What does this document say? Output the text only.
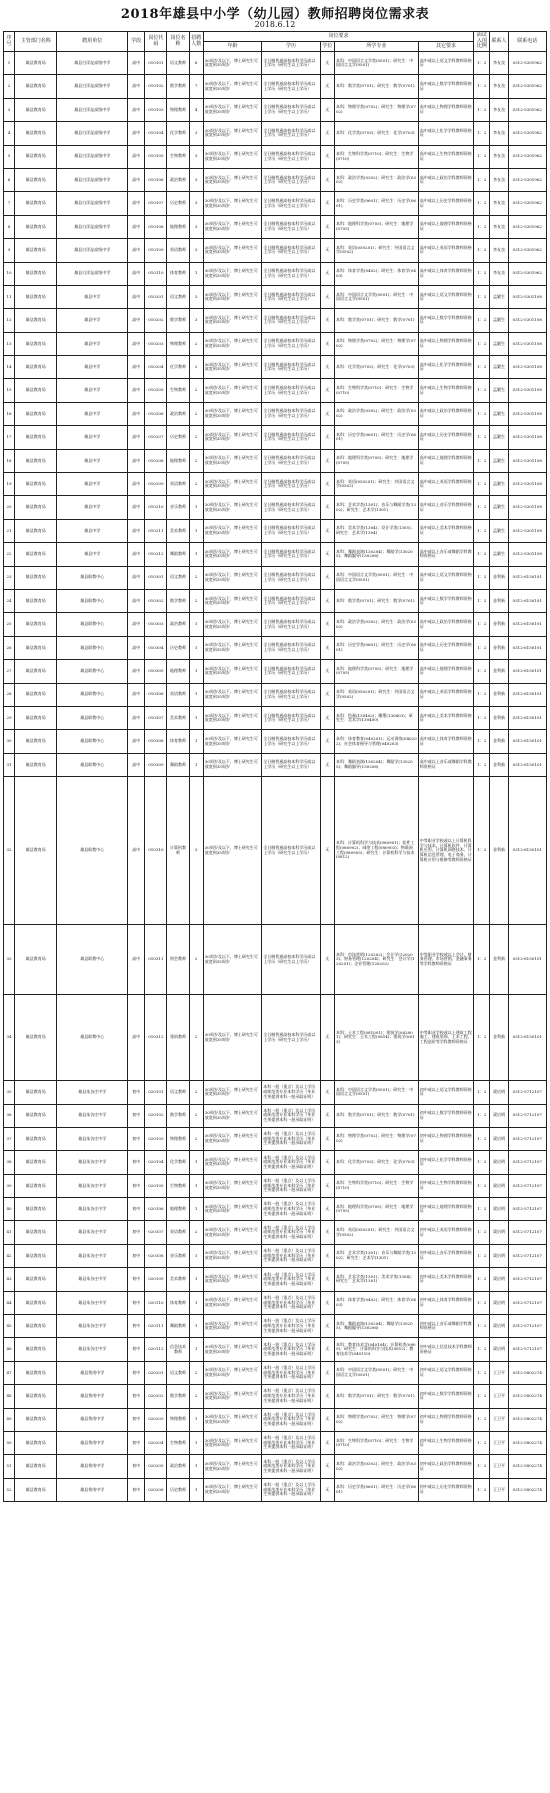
2018年雄县中小学（幼儿园）教师招聘岗位需求表
2018.6.12
序号	主管部门名称	聘用单位	学段	岗位代码	岗位名称	招聘人数	岗位要求					面试入围比例	联系人	联系电话
							年龄	学历	学位	所学专业	其它要求			
1	雄县教育局	雄县白洋淀高级中学	高中	010101	语文教师	6	30周岁及以下，博士研究生可放宽到35周岁	全日制普通高校本科学历或以上学历（研究生以上学历）	无	本科：中国语言文学类(0501)；研究生：中国语言文学(0501)	高中或以上语文学科教师资格证	1：2	李友良	0312-5301962
2	雄县教育局	雄县白洋淀高级中学	高中	010102	数学教师	7	30周岁及以下，博士研究生可放宽到35周岁	全日制普通高校本科学历或以上学历（研究生以上学历）	无	本科：数学类(0701)；研究生：数学(0701)	高中或以上数学学科教师资格证	1：2	李友良	0312-5301962
3	雄县教育局	雄县白洋淀高级中学	高中	010103	物理教师	4	30周岁及以下，博士研究生可放宽到35周岁	全日制普通高校本科学历或以上学历（研究生以上学历）	无	本科：物理学类(0702)；研究生：物理学(0702)	高中或以上物理学科教师资格证	1：2	李友良	0312-5301962
4	雄县教育局	雄县白洋淀高级中学	高中	010104	化学教师	3	30周岁及以下，博士研究生可放宽到35周岁	全日制普通高校本科学历或以上学历（研究生以上学历）	无	本科：化学类(0703)；研究生：化学(0703)	高中或以上化学学科教师资格证	1：2	李友良	0312-5301962
5	雄县教育局	雄县白洋淀高级中学	高中	010105	生物教师	3	30周岁及以下，博士研究生可放宽到35周岁	全日制普通高校本科学历或以上学历（研究生以上学历）	无	本科：生物科学类(0710)；研究生：生物学(0710)	高中或以上生物学科教师资格证	1：2	李友良	0312-5301962
6	雄县教育局	雄县白洋淀高级中学	高中	010106	政治教师	3	30周岁及以下，博士研究生可放宽到35周岁	全日制普通高校本科学历或以上学历（研究生以上学历）	无	本科：政治学类(0302)；研究生：政治学(0302)	高中或以上政治学科教师资格证	1：2	李友良	0312-5301962
7	雄县教育局	雄县白洋淀高级中学	高中	010107	历史教师	3	30周岁及以下，博士研究生可放宽到35周岁	全日制普通高校本科学历或以上学历（研究生以上学历）	无	本科：历史学类(0601)；研究生：历史学(0601)	高中或以上历史学科教师资格证	1：2	李友良	0312-5301962
8	雄县教育局	雄县白洋淀高级中学	高中	010108	地理教师	3	30周岁及以下，博士研究生可放宽到35周岁	全日制普通高校本科学历或以上学历（研究生以上学历）	无	本科：地理科学类(0705)；研究生：地理学(0705)	高中或以上地理学科教师资格证	1：2	李友良	0312-5301962
9	雄县教育局	雄县白洋淀高级中学	高中	010109	英语教师	3	30周岁及以下，博士研究生可放宽到35周岁	全日制普通高校本科学历或以上学历（研究生以上学历）	无	本科：英语(050201)；研究生：外国语言文学(0502)	高中或以上英语学科教师资格证	1：2	李友良	0312-5301962
10	雄县教育局	雄县白洋淀高级中学	高中	010110	体育教师	1	30周岁及以下，博士研究生可放宽到35周岁	全日制普通高校本科学历或以上学历（研究生以上学历）	无	本科：体育学类(0402)；研究生：体育学(0403)	高中或以上体育学科教师资格证	1：2	李友良	0312-5301962
11	雄县教育局	雄县中学	高中	010201	语文教师	3	30周岁及以下，博士研究生可放宽到35周岁	全日制普通高校本科学历或以上学历（研究生以上学历）	无	本科：中国语言文学类(0501)；研究生：中国语言文学(0501)	高中或以上语文学科教师资格证	1：2	孟繁生	0312-5301108
12	雄县教育局	雄县中学	高中	010202	数学教师	3	30周岁及以下，博士研究生可放宽到35周岁	全日制普通高校本科学历或以上学历（研究生以上学历）	无	本科：数学类(0701)；研究生：数学(0701)	高中或以上数学学科教师资格证	1：2	孟繁生	0312-5301108
13	雄县教育局	雄县中学	高中	010203	物理教师	2	30周岁及以下，博士研究生可放宽到35周岁	全日制普通高校本科学历或以上学历（研究生以上学历）	无	本科：物理学类(0702)；研究生：物理学(0702)	高中或以上物理学科教师资格证	1：2	孟繁生	0312-5301108
14	雄县教育局	雄县中学	高中	010204	化学教师	2	30周岁及以下，博士研究生可放宽到35周岁	全日制普通高校本科学历或以上学历（研究生以上学历）	无	本科：化学类(0703)；研究生：化学(0703)	高中或以上化学学科教师资格证	1：2	孟繁生	0312-5301108
15	雄县教育局	雄县中学	高中	010205	生物教师	2	30周岁及以下，博士研究生可放宽到35周岁	全日制普通高校本科学历或以上学历（研究生以上学历）	无	本科：生物科学类(0710)；研究生：生物学(0710)	高中或以上生物学科教师资格证	1：2	孟繁生	0312-5301108
16	雄县教育局	雄县中学	高中	010206	政治教师	2	30周岁及以下，博士研究生可放宽到35周岁	全日制普通高校本科学历或以上学历（研究生以上学历）	无	本科：政治学类(0302)；研究生：政治学(0302)	高中或以上政治学科教师资格证	1：2	孟繁生	0312-5301108
17	雄县教育局	雄县中学	高中	010207	历史教师	2	30周岁及以下，博士研究生可放宽到35周岁	全日制普通高校本科学历或以上学历（研究生以上学历）	无	本科：历史学类(0601)；研究生：历史学(0601)	高中或以上历史学科教师资格证	1：2	孟繁生	0312-5301108
18	雄县教育局	雄县中学	高中	010208	地理教师	2	30周岁及以下，博士研究生可放宽到35周岁	全日制普通高校本科学历或以上学历（研究生以上学历）	无	本科：地理科学类(0705)；研究生：地理学(0705)	高中或以上地理学科教师资格证	1：2	孟繁生	0312-5301108
19	雄县教育局	雄县中学	高中	010209	英语教师	2	30周岁及以下，博士研究生可放宽到35周岁	全日制普通高校本科学历或以上学历（研究生以上学历）	无	本科：英语(050201)；研究生：外国语言文学(0502)	高中或以上英语学科教师资格证	1：2	孟繁生	0312-5301108
20	雄县教育局	雄县中学	高中	010210	音乐教师	1	30周岁及以下，博士研究生可放宽到35周岁	全日制普通高校本科学历或以上学历（研究生以上学历）	无	本科：艺术学类(1301)；音乐与舞蹈学类(1302)；研究生：艺术学(1301)	高中或以上音乐学科教师资格证	1：2	孟繁生	0312-5301108
21	雄县教育局	雄县中学	高中	010211	美术教师	1	30周岁及以下，博士研究生可放宽到35周岁	全日制普通高校本科学历或以上学历（研究生以上学历）	无	本科：美术学类(1304)；设计学类(1305)；研究生：艺术学(1304)	高中或以上美术学科教师资格证	1：2	孟繁生	0312-5301108
22	雄县教育局	雄县中学	高中	010212	舞蹈教师	1	30周岁及以下，博士研究生可放宽到35周岁	全日制普通高校本科学历或以上学历（研究生以上学历）	无	本科：舞蹈表演(130204)；舞蹈学(130205)；舞蹈编导(130206)	高中或以上音乐或舞蹈学科教师资格证	1：2	孟繁生	0312-5301108
23	雄县教育局	雄县职教中心	高中	010301	语文教师	2	30周岁及以下，博士研究生可放宽到35周岁	全日制普通高校本科学历或以上学历（研究生以上学历）	无	本科：中国语言文学类(0501)；研究生：中国语言文学(0501)	高中或以上语文学科教师资格证	1：2	金利新	0312-6150101
24	雄县教育局	雄县职教中心	高中	010302	数学教师	2	30周岁及以下，博士研究生可放宽到35周岁	全日制普通高校本科学历或以上学历（研究生以上学历）	无	本科：数学类(0701)；研究生：数学(0701)	高中或以上数学学科教师资格证	1：2	金利新	0312-6150101
25	雄县教育局	雄县职教中心	高中	010303	政治教师	1	30周岁及以下，博士研究生可放宽到35周岁	全日制普通高校本科学历或以上学历（研究生以上学历）	无	本科：政治学类(0302)；研究生：政治学(0302)	高中或以上政治学科教师资格证	1：2	金利新	0312-6150101
26	雄县教育局	雄县职教中心	高中	010304	历史教师	1	30周岁及以下，博士研究生可放宽到35周岁	全日制普通高校本科学历或以上学历（研究生以上学历）	无	本科：历史学类(0601)；研究生：历史学(0601)	高中或以上历史学科教师资格证	1：2	金利新	0312-6150101
27	雄县教育局	雄县职教中心	高中	010305	地理教师	1	30周岁及以下，博士研究生可放宽到35周岁	全日制普通高校本科学历或以上学历（研究生以上学历）	无	本科：地理科学类(0705)；研究生：地理学(0705)	高中或以上地理学科教师资格证	1：2	金利新	0312-6150101
28	雄县教育局	雄县职教中心	高中	010306	英语教师	1	30周岁及以下，博士研究生可放宽到35周岁	全日制普通高校本科学历或以上学历（研究生以上学历）	无	本科：英语(050201)；研究生：外国语言文学(0502)	高中或以上英语学科教师资格证	1：2	金利新	0312-6150101
29	雄县教育局	雄县职教中心	高中	010307	美术教师	1	30周岁及以下，博士研究生可放宽到35周岁	全日制普通高校本科学历或以上学历（研究生以上学历）	无	本科：绘画(130402)；雕塑(130403)；研究生：美术学(130400)	高中或以上美术学科教师资格证	1：2	金利新	0312-6150101
30	雄县教育局	雄县职教中心	高中	010308	体育教师	1	30周岁及以下，博士研究生可放宽到35周岁	全日制普通高校本科学历或以上学历（研究生以上学历）	无	本科：体育教育(040201)；运动训练(040202)；社会体育指导与管理(040203)	高中或以上体育学科教师资格证	1：2	金利新	0312-6150101
31	雄县教育局	雄县职教中心	高中	010309	舞蹈教师	1	30周岁及以下，博士研究生可放宽到35周岁	全日制普通高校本科学历或以上学历（研究生以上学历）	无	本科：舞蹈表演(130204)；舞蹈学(130205)；舞蹈编导(130206)	高中或以上音乐或舞蹈学科教师资格证	1：2	金利新	0312-6150101
32	雄县教育局	雄县职教中心	高中	010310	计算机教师	3	30周岁及以下，博士研究生可放宽到35周岁	全日制普通高校本科学历或以上学历（研究生以上学历）	无	本科：计算机科学与技术(080901)；软件工程(080902)；网络工程(080903)；物联网工程(080905)；研究生：计算机科学与技术(0812)	中等职业学校或以上计算机科学与技术、计算机软件、计算机应用、计算机网络技术、计算机信息管理、电子商务、计算机应用与维修等教师资格证	1：2	金利新	0312-6150101
33	雄县教育局	雄县职教中心	高中	010311	财会教师	2	30周岁及以下，博士研究生可放宽到35周岁	全日制普通高校本科学历或以上学历（研究生以上学历）	无	本科：市场营销(120202)；会计学(120203)；财务管理(120204)；研究生：会计学(120201)；企业管理(120202)	中等职业学校或以上会计、财务管理、市场营销、金融事务等学科教师资格证	1：2	金利新	0312-6150101
34	雄县教育局	雄县职教中心	高中	010312	建筑教师	2	30周岁及以下，博士研究生可放宽到35周岁	全日制普通高校本科学历或以上学历（研究生以上学历）	无	本科：土木工程(081001)；建筑学(082801)；研究生：土木工程(0814)；建筑学(0813)	中等职业学校或以上建筑工程施工、建筑装饰、土木工程、工程造价等学科教师资格证	1：2	金利新	0312-6150101
35	雄县教育局	雄县朱各庄中学	初中	020101	语文教师	2	30周岁及以下，博士研究生可放宽到35周岁	本科一批（重点）及以上学历或师范类专业本科学历（毕业生须提供本科一批录取证明）	无	本科：中国语言文学类(0501)；研究生：中国语言文学(0501)	初中或以上语文学科教师资格证	1：2	梁启明	0312-5712107
36	雄县教育局	雄县朱各庄中学	初中	020102	数学教师	2	30周岁及以下，博士研究生可放宽到35周岁	本科一批（重点）及以上学历或师范类专业本科学历（毕业生须提供本科一批录取证明）	无	本科：数学类(0701)；研究生：数学(0701)	初中或以上数学学科教师资格证	1：2	梁启明	0312-5712107
37	雄县教育局	雄县朱各庄中学	初中	020103	物理教师	2	30周岁及以下，博士研究生可放宽到35周岁	本科一批（重点）及以上学历或师范类专业本科学历（毕业生须提供本科一批录取证明）	无	本科：物理学类(0702)；研究生：物理学(0702)	初中或以上物理学科教师资格证	1：2	梁启明	0312-5712107
38	雄县教育局	雄县朱各庄中学	初中	020104	化学教师	1	30周岁及以下，博士研究生可放宽到35周岁	本科一批（重点）及以上学历或师范类专业本科学历（毕业生须提供本科一批录取证明）	无	本科：化学类(0703)；研究生：化学(0703)	初中或以上化学学科教师资格证	1：2	梁启明	0312-5712107
39	雄县教育局	雄县朱各庄中学	初中	020105	生物教师	1	30周岁及以下，博士研究生可放宽到35周岁	本科一批（重点）及以上学历或师范类专业本科学历（毕业生须提供本科一批录取证明）	无	本科：生物科学类(0710)；研究生：生物学(0710)	初中或以上生物学科教师资格证	1：2	梁启明	0312-5712107
40	雄县教育局	雄县朱各庄中学	初中	020106	地理教师	1	30周岁及以下，博士研究生可放宽到35周岁	本科一批（重点）及以上学历或师范类专业本科学历（毕业生须提供本科一批录取证明）	无	本科：地理科学类(0705)；研究生：地理学(0705)	初中或以上地理学科教师资格证	1：2	梁启明	0312-5712107
41	雄县教育局	雄县朱各庄中学	初中	020107	英语教师	2	30周岁及以下，博士研究生可放宽到35周岁	本科一批（重点）及以上学历或师范类专业本科学历（毕业生须提供本科一批录取证明）	无	本科：英语(050201)；研究生：外国语言文学(0502)	初中或以上英语学科教师资格证	1：2	梁启明	0312-5712107
42	雄县教育局	雄县朱各庄中学	初中	020108	音乐教师	1	30周岁及以下，博士研究生可放宽到35周岁	本科一批（重点）及以上学历或师范类专业本科学历（毕业生须提供本科一批录取证明）	无	本科：艺术学类(1301)；音乐与舞蹈学类(1302)；研究生：艺术学(1301)	初中或以上音乐学科教师资格证	1：2	梁启明	0312-5712107
43	雄县教育局	雄县朱各庄中学	初中	020109	美术教师	1	30周岁及以下，博士研究生可放宽到35周岁	本科一批（重点）及以上学历或师范类专业本科学历（毕业生须提供本科一批录取证明）	无	本科：艺术学类(1301)；美术学类(1304)；研究生：艺术学(1301)	初中或以上美术学科教师资格证	1：2	梁启明	0312-5712107
44	雄县教育局	雄县朱各庄中学	初中	020110	体育教师	1	30周岁及以下，博士研究生可放宽到35周岁	本科一批（重点）及以上学历或师范类专业本科学历（毕业生须提供本科一批录取证明）	无	本科：体育学类(0402)；研究生：体育学(0403)	初中或以上体育学科教师资格证	1：2	梁启明	0312-5712107
45	雄县教育局	雄县朱各庄中学	初中	020111	舞蹈教师	1	30周岁及以下，博士研究生可放宽到35周岁	本科一批（重点）及以上学历或师范类专业本科学历（毕业生须提供本科一批录取证明）	无	本科：舞蹈表演(130204)；舞蹈学(130205)；舞蹈编导(130206)	初中或以上音乐或舞蹈学科教师资格证	1：2	梁启明	0312-5712107
46	雄县教育局	雄县朱各庄中学	初中	020112	信息技术教师	1	30周岁及以下，博士研究生可放宽到35周岁	本科一批（重点）及以上学历或师范类专业本科学历（毕业生须提供本科一批录取证明）	无	本科：教育技术学(040104)；计算机类(0809)；研究生：计算机科学与技术(0812)；教育技术学(040110)	初中或以上信息技术学科教师资格证	1：2	梁启明	0312-5712107
47	雄县教育局	雄县昝岗中学	初中	020201	语文教师	2	30周岁及以下，博士研究生可放宽到35周岁	本科一批（重点）及以上学历或师范类专业本科学历（毕业生须提供本科一批录取证明）	无	本科：中国语言文学类(0501)；研究生：中国语言文学(0501)	初中或以上语文学科教师资格证	1：2	王卫平	0312-5802274
48	雄县教育局	雄县昝岗中学	初中	020202	数学教师	2	30周岁及以下，博士研究生可放宽到35周岁	本科一批（重点）及以上学历或师范类专业本科学历（毕业生须提供本科一批录取证明）	无	本科：数学类(0701)；研究生：数学(0701)	初中或以上数学学科教师资格证	1：2	王卫平	0312-5802274
49	雄县教育局	雄县昝岗中学	初中	020203	物理教师	1	30周岁及以下，博士研究生可放宽到35周岁	本科一批（重点）及以上学历或师范类专业本科学历（毕业生须提供本科一批录取证明）	无	本科：物理学类(0702)；研究生：物理学(0702)	初中或以上物理学科教师资格证	1：2	王卫平	0312-5802274
50	雄县教育局	雄县昝岗中学	初中	020204	生物教师	1	30周岁及以下，博士研究生可放宽到35周岁	本科一批（重点）及以上学历或师范类专业本科学历（毕业生须提供本科一批录取证明）	无	本科：生物科学类(0710)；研究生：生物学(0710)	初中或以上生物学科教师资格证	1：2	王卫平	0312-5802274
51	雄县教育局	雄县昝岗中学	初中	020205	政治教师	1	30周岁及以下，博士研究生可放宽到35周岁	本科一批（重点）及以上学历或师范类专业本科学历（毕业生须提供本科一批录取证明）	无	本科：政治学类(0302)；研究生：政治学(0302)	初中或以上政治学科教师资格证	1：2	王卫平	0312-5802274
52	雄县教育局	雄县昝岗中学	初中	020206	历史教师	1	30周岁及以下，博士研究生可放宽到35周岁	本科一批（重点）及以上学历或师范类专业本科学历（毕业生须提供本科一批录取证明）	无	本科：历史学类(0601)；研究生：历史学(0601)	初中或以上历史学科教师资格证	1：2	王卫平	0312-5802274
